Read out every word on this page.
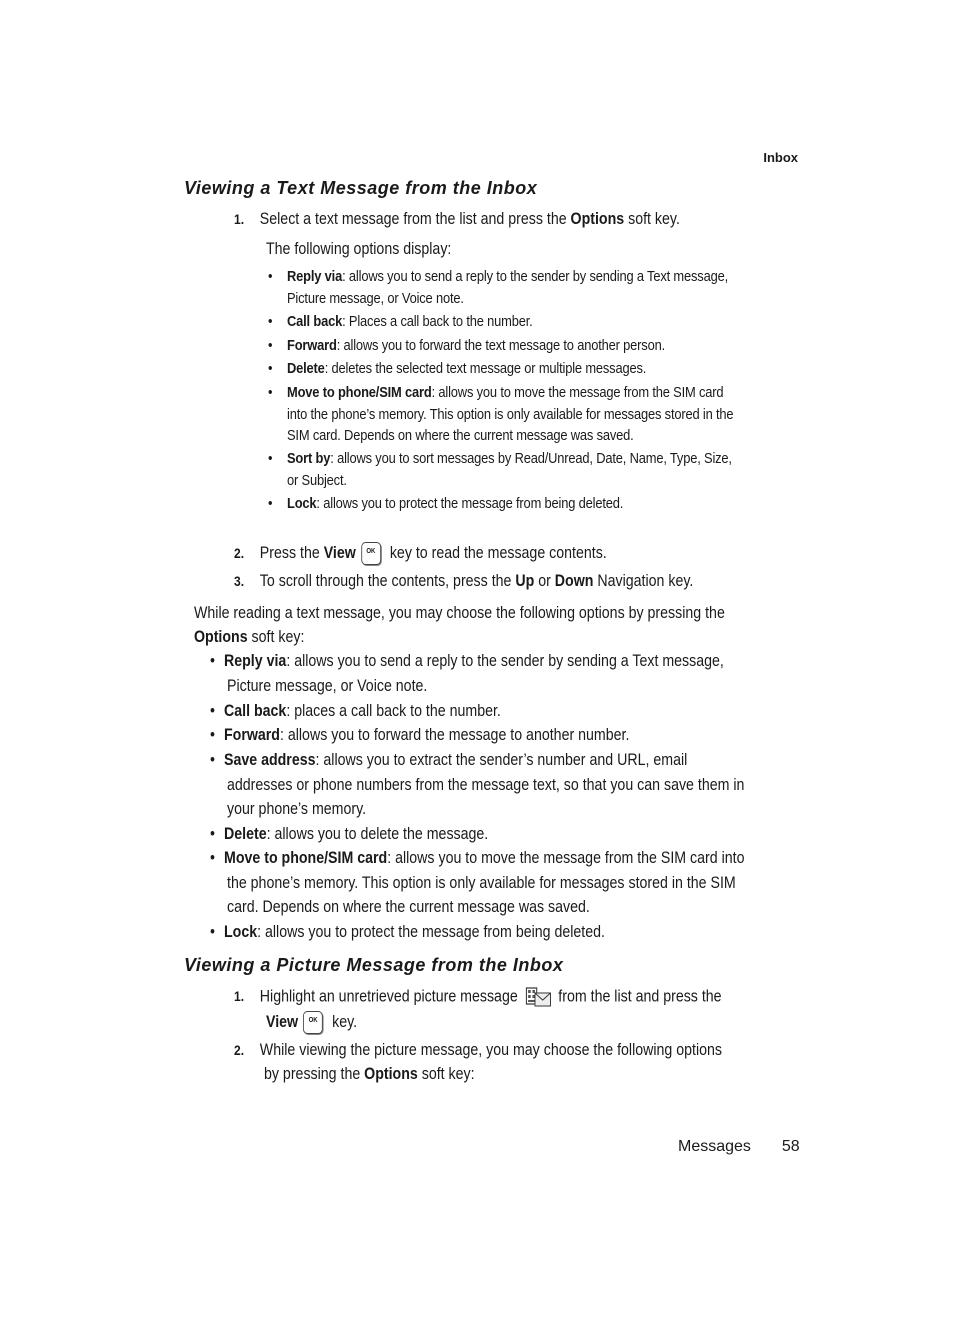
Inbox
Viewing a Text Message from the Inbox
1. Select a text message from the list and press the Options soft key.
The following options display:
• Reply via: allows you to send a reply to the sender by sending a Text message,
Picture message, or Voice note.
• Call back: Places a call back to the number.
• Forward: allows you to forward the text message to another person.
• Delete: deletes the selected text message or multiple messages.
• Move to phone/SIM card: allows you to move the message from the SIM card
into the phone’s memory. This option is only available for messages stored in the
SIM card. Depends on where the current message was saved.
• Sort by: allows you to sort messages by Read/Unread, Date, Name, Type, Size,
or Subject.
• Lock: allows you to protect the message from being deleted.
2. Press the View	OK key to read the message contents.
3. To scroll through the contents, press the Up or Down Navigation key.
While reading a text message, you may choose the following options by pressing the
Options soft key:
• Reply via: allows you to send a reply to the sender by sending a Text message,
Picture message, or Voice note.
• Call back: places a call back to the number.
• Forward: allows you to forward the message to another number.
• Save address: allows you to extract the sender’s number and URL, email
addresses or phone numbers from the message text, so that you can save them in
your phone’s memory.
• Delete: allows you to delete the message.
• Move to phone/SIM card: allows you to move the message from the SIM card into
the phone’s memory. This option is only available for messages stored in the SIM
card. Depends on where the current message was saved.
• Lock: allows you to protect the message from being deleted.
Viewing a Picture Message from the Inbox
1. Highlight an unretrieved picture message  from the list and press the
View	OK key.
2. While viewing the picture message, you may choose the following options
by pressing the Options soft key:
Messages 58
